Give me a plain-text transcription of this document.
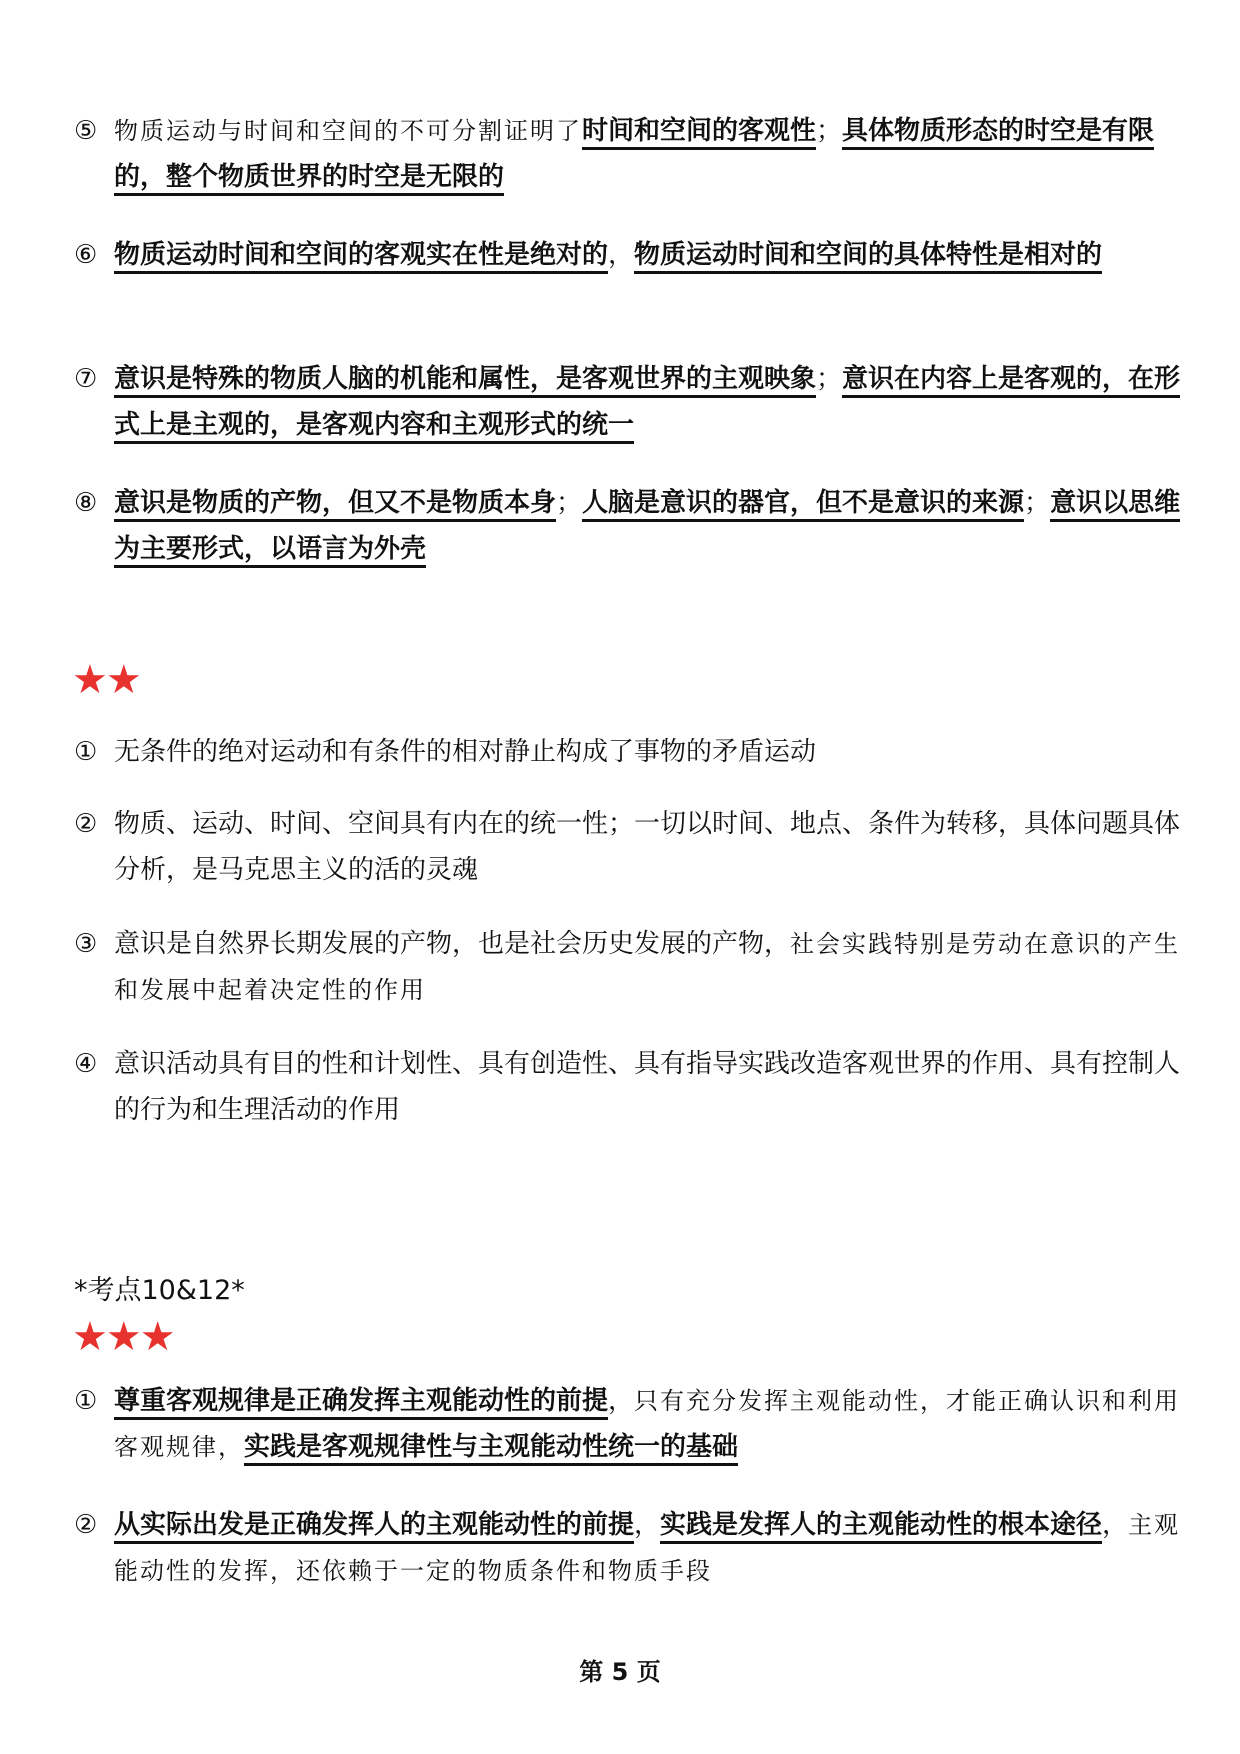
⑤ 物质运动与时间和空间的不可分割证明了时间和空间的客观性；具体物质形态的时空是有限的，整个物质世界的时空是无限的
⑥ 物质运动时间和空间的客观实在性是绝对的，物质运动时间和空间的具体特性是相对的
⑦ 意识是特殊的物质人脑的机能和属性，是客观世界的主观映象；意识在内容上是客观的，在形式上是主观的，是客观内容和主观形式的统一
⑧ 意识是物质的产物，但又不是物质本身；人脑是意识的器官，但不是意识的来源；意识以思维为主要形式，以语言为外壳
★★
① 无条件的绝对运动和有条件的相对静止构成了事物的矛盾运动
② 物质、运动、时间、空间具有内在的统一性；一切以时间、地点、条件为转移，具体问题具体分析，是马克思主义的活的灵魂
③ 意识是自然界长期发展的产物，也是社会历史发展的产物，社会实践特别是劳动在意识的产生和发展中起着决定性的作用
④ 意识活动具有目的性和计划性、具有创造性、具有指导实践改造客观世界的作用、具有控制人的行为和生理活动的作用
*考点10&12*
★★★
① 尊重客观规律是正确发挥主观能动性的前提，只有充分发挥主观能动性，才能正确认识和利用客观规律，实践是客观规律性与主观能动性统一的基础
② 从实际出发是正确发挥人的主观能动性的前提，实践是发挥人的主观能动性的根本途径，主观能动性的发挥，还依赖于一定的物质条件和物质手段
第 5 页
